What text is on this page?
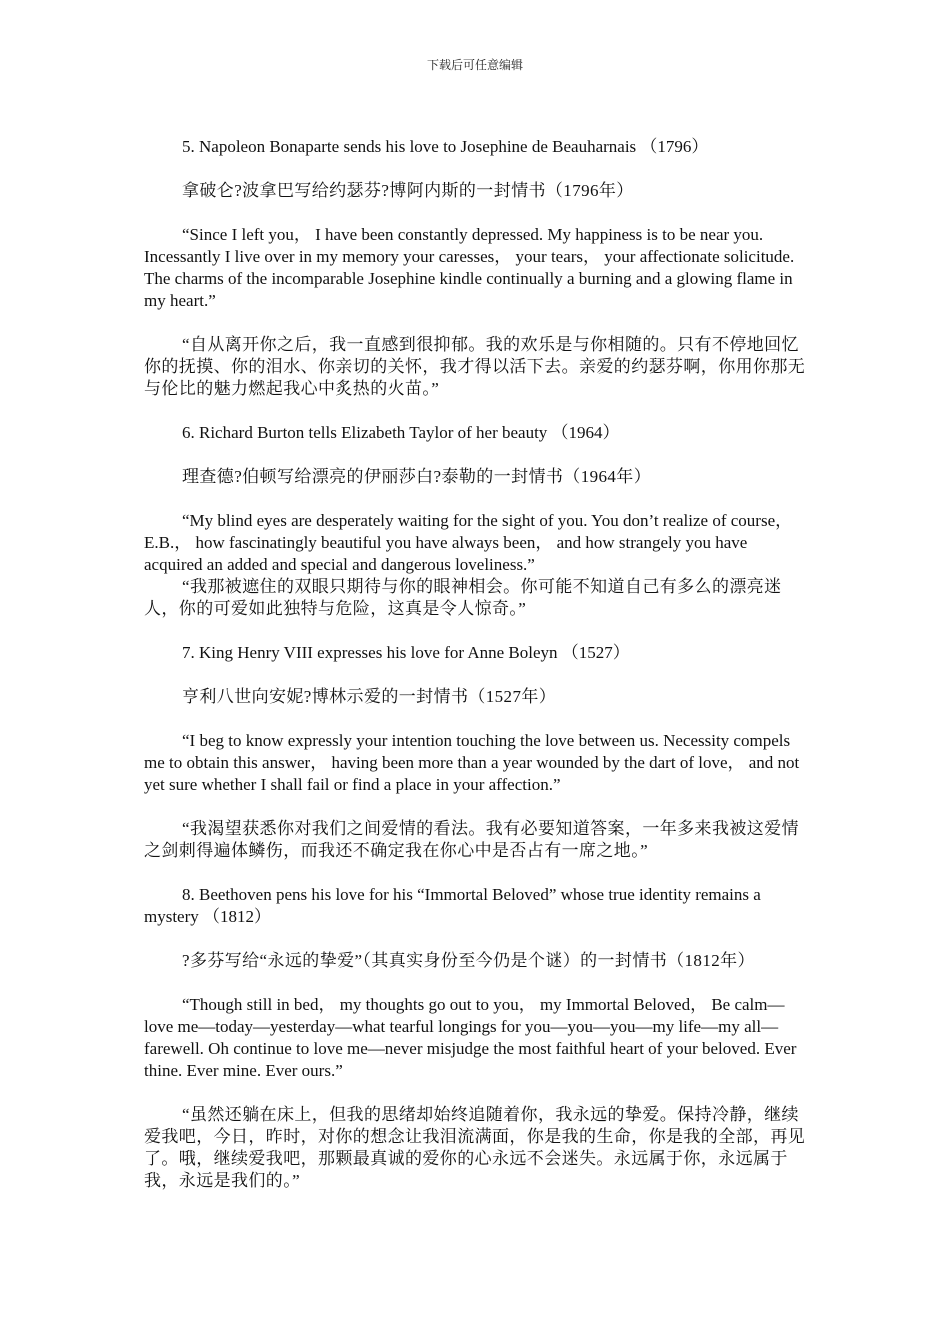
下载后可任意编辑

5. Napoleon Bonaparte sends his love to Josephine de Beauharnais （1796）

拿破仑?波拿巴写给约瑟芬?博阿内斯的一封情书（1796年）

“Since I left you， I have been constantly depressed. My happiness is to be near you. Incessantly I live over in my memory your caresses， your tears， your affectionate solicitude. The charms of the incomparable Josephine kindle continually a burning and a glowing flame in my heart.”

“自从离开你之后，我一直感到很抑郁。我的欢乐是与你相随的。只有不停地回忆你的抚摸、你的泪水、你亲切的关怀，我才得以活下去。亲爱的约瑟芬啊，你用你那无与伦比的魅力燃起我心中炙热的火苗。”

6. Richard Burton tells Elizabeth Taylor of her beauty （1964）

理查德?伯顿写给漂亮的伊丽莎白?泰勒的一封情书（1964年）

“My blind eyes are desperately waiting for the sight of you. You don’t realize of course， E.B.， how fascinatingly beautiful you have always been， and how strangely you have acquired an added and special and dangerous loveliness.”

“我那被遮住的双眼只期待与你的眼神相会。你可能不知道自己有多么的漂亮迷人，你的可爱如此独特与危险，这真是令人惊奇。”

7. King Henry VIII expresses his love for Anne Boleyn （1527）

亨利八世向安妮?博林示爱的一封情书（1527年）

“I beg to know expressly your intention touching the love between us. Necessity compels me to obtain this answer， having been more than a year wounded by the dart of love， and not yet sure whether I shall fail or find a place in your affection.”

“我渴望获悉你对我们之间爱情的看法。我有必要知道答案，一年多来我被这爱情之剑刺得遍体鳞伤，而我还不确定我在你心中是否占有一席之地。”

8. Beethoven pens his love for his “Immortal Beloved” whose true identity remains a mystery （1812）

?多芬写给“永远的挚爱”（其真实身份至今仍是个谜）的一封情书（1812年）

“Though still in bed， my thoughts go out to you， my Immortal Beloved， Be calm— love me—today—yesterday—what tearful longings for you—you—you—my life—my all—farewell. Oh continue to love me—never misjudge the most faithful heart of your beloved. Ever thine. Ever mine. Ever ours.”

“虽然还躺在床上，但我的思绪却始终追随着你，我永远的挚爱。保持冷静，继续爱我吧，今日，昨时，对你的想念让我泪流满面，你是我的生命，你是我的全部，再见了。哦，继续爱我吧，那颗最真诚的爱你的心永远不会迷失。永远属于你，永远属于我，永远是我们的。”
